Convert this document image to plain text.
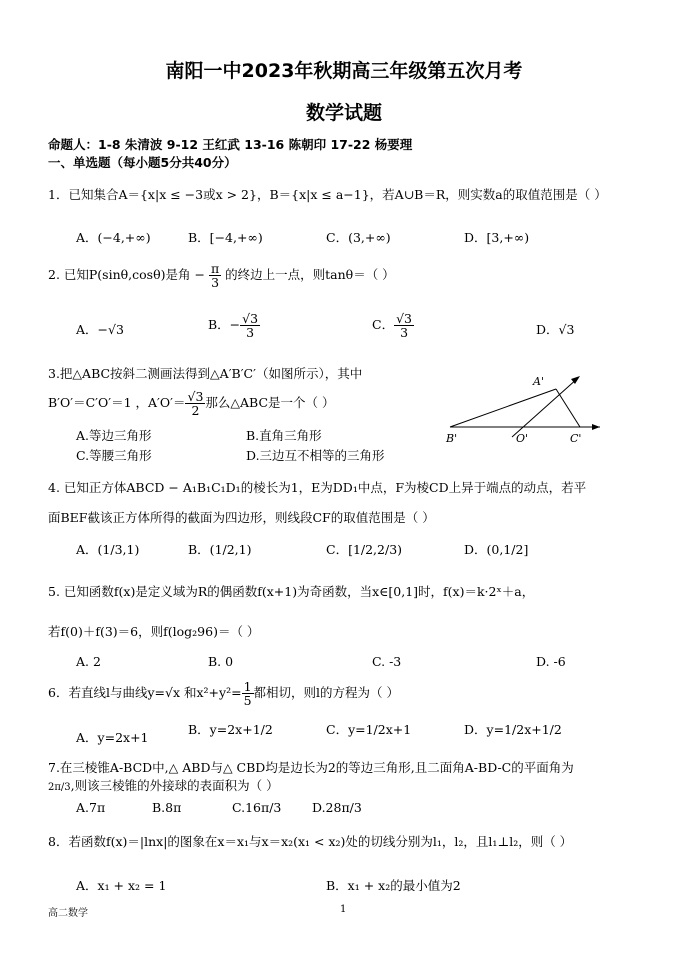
南阳一中2023年秋期高三年级第五次月考
数学试题
命题人：1-8 朱清波 9-12 王红武 13-16 陈朝印 17-22 杨要理
一、单选题（每小题5分共40分）
1．已知集合A＝{x|x ≤ −3或x > 2}，B＝{x|x ≤ a−1}，若A∪B＝R，则实数a的取值范围是（ ）
A．(−4,+∞)	B．[−4,+∞)	C．(3,+∞)	D．[3,+∞)
2. 已知P(sinθ,cosθ)是角 − $\frac{\pi}{3}$ 的终边上一点，则tanθ＝（ ）
A．−√3	B．− $\frac{√3}{3}$	C． $\frac{√3}{3}$	D．√3
3.把△ABC按斜二测画法得到△A′B′C′（如图所示），其中
B′O′＝C′O′＝1 ，$A'O'= \frac{√3}{2}$ 那么△ABC是一个（ ）
A.等边三角形	B.直角三角形
C.等腰三角形	D.三边互不相等的三角形
A'
B'	O'	C'
4. 已知正方体ABCD − A₁B₁C₁D₁的棱长为1，E为DD₁中点，F为棱CD上异于端点的动点，若平
面BEF截该正方体所得的截面为四边形，则线段CF的取值范围是（ ）
A．(1/3,1)	B．(1/2,1)	C．[1/2,2/3)	D．(0,1/2]
5. 已知函数f(x)是定义域为R的偶函数f(x+1)为奇函数，当x∈[0,1]时，f(x)＝k·2ˣ＋a，
若f(0)＋f(3)＝6，则f(log₂96)＝（ ）
A. 2	B. 0	C. -3	D. -6
6．若直线l与曲线y=√x 和$x^2+y^2= \frac{1}{5}$ 都相切，则l的方程为（ ）
A．y=2x+1
B．y=2x+1/2	C．y=1/2x+1	D．y=1/2x+1/2
7.在三棱锥A-BCD中,△ ABD与△ CBD均是边长为2的等边三角形,且二面角A-BD-C的平面角为
2π/3,则该三棱锥的外接球的表面积为（ ）
A.7π	B.8π	C.16π/3 D.28π/3
8．若函数f(x)＝|lnx|的图象在x＝x₁与x＝x₂(x₁ < x₂)处的切线分别为l₁，l₂，且l₁⊥l₂，则（ ）
A．x₁ + x₂ = 1	B．x₁ + x₂的最小值为2
高二数学	1
